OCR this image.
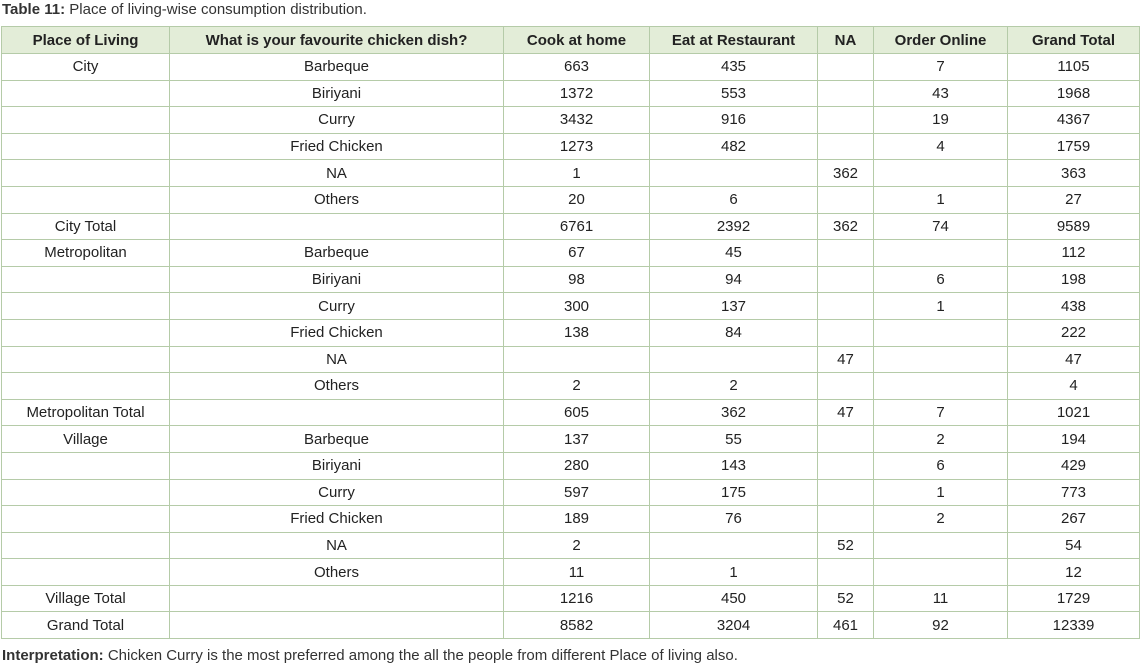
Table 11: Place of living-wise consumption distribution.
Place of Living	What is your favourite chicken dish?	Cook at home	Eat at Restaurant	NA	Order Online	Grand Total
City	Barbeque	663	435		7	1105
	Biriyani	1372	553		43	1968
	Curry	3432	916		19	4367
	Fried Chicken	1273	482		4	1759
	NA	1		362		363
	Others	20	6		1	27
City Total		6761	2392	362	74	9589
Metropolitan	Barbeque	67	45			112
	Biriyani	98	94		6	198
	Curry	300	137		1	438
	Fried Chicken	138	84			222
	NA			47		47
	Others	2	2			4
Metropolitan Total		605	362	47	7	1021
Village	Barbeque	137	55		2	194
	Biriyani	280	143		6	429
	Curry	597	175		1	773
	Fried Chicken	189	76		2	267
	NA	2		52		54
	Others	11	1			12
Village Total		1216	450	52	11	1729
Grand Total		8582	3204	461	92	12339
Interpretation: Chicken Curry is the most preferred among the all the people from different Place of living also.
